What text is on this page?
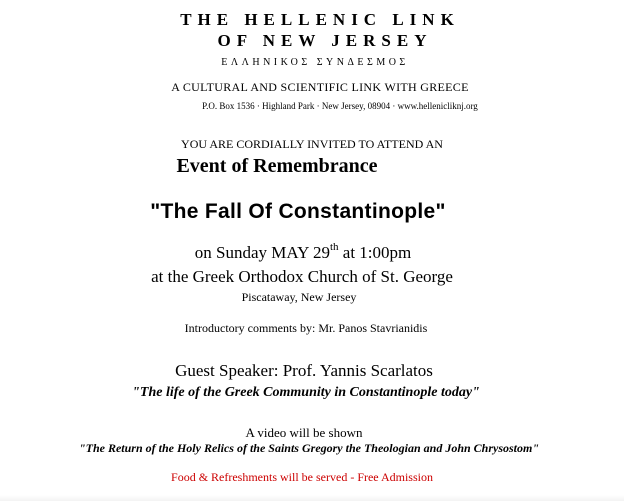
THE HELLENIC LINK
OF NEW JERSEY
ΕΛΛΗΝΙΚΟΣ ΣΥΝΔΕΣΜΟΣ
A CULTURAL AND SCIENTIFIC LINK WITH GREECE
P.O. Box 1536 · Highland Park · New Jersey, 08904 · www.hellenicliknj.org
YOU ARE CORDIALLY INVITED TO ATTEND AN
Event of Remembrance
"The Fall Of Constantinople"
on Sunday MAY 29th at 1:00pm
at the Greek Orthodox Church of St. George
Piscataway, New Jersey
Introductory comments by: Mr. Panos Stavrianidis
Guest Speaker: Prof. Yannis Scarlatos
"The life of the Greek Community in Constantinople today"
A video will be shown
"The Return of the Holy Relics of the Saints Gregory the Theologian and John Chrysostom"
Food & Refreshments will be served - Free Admission
